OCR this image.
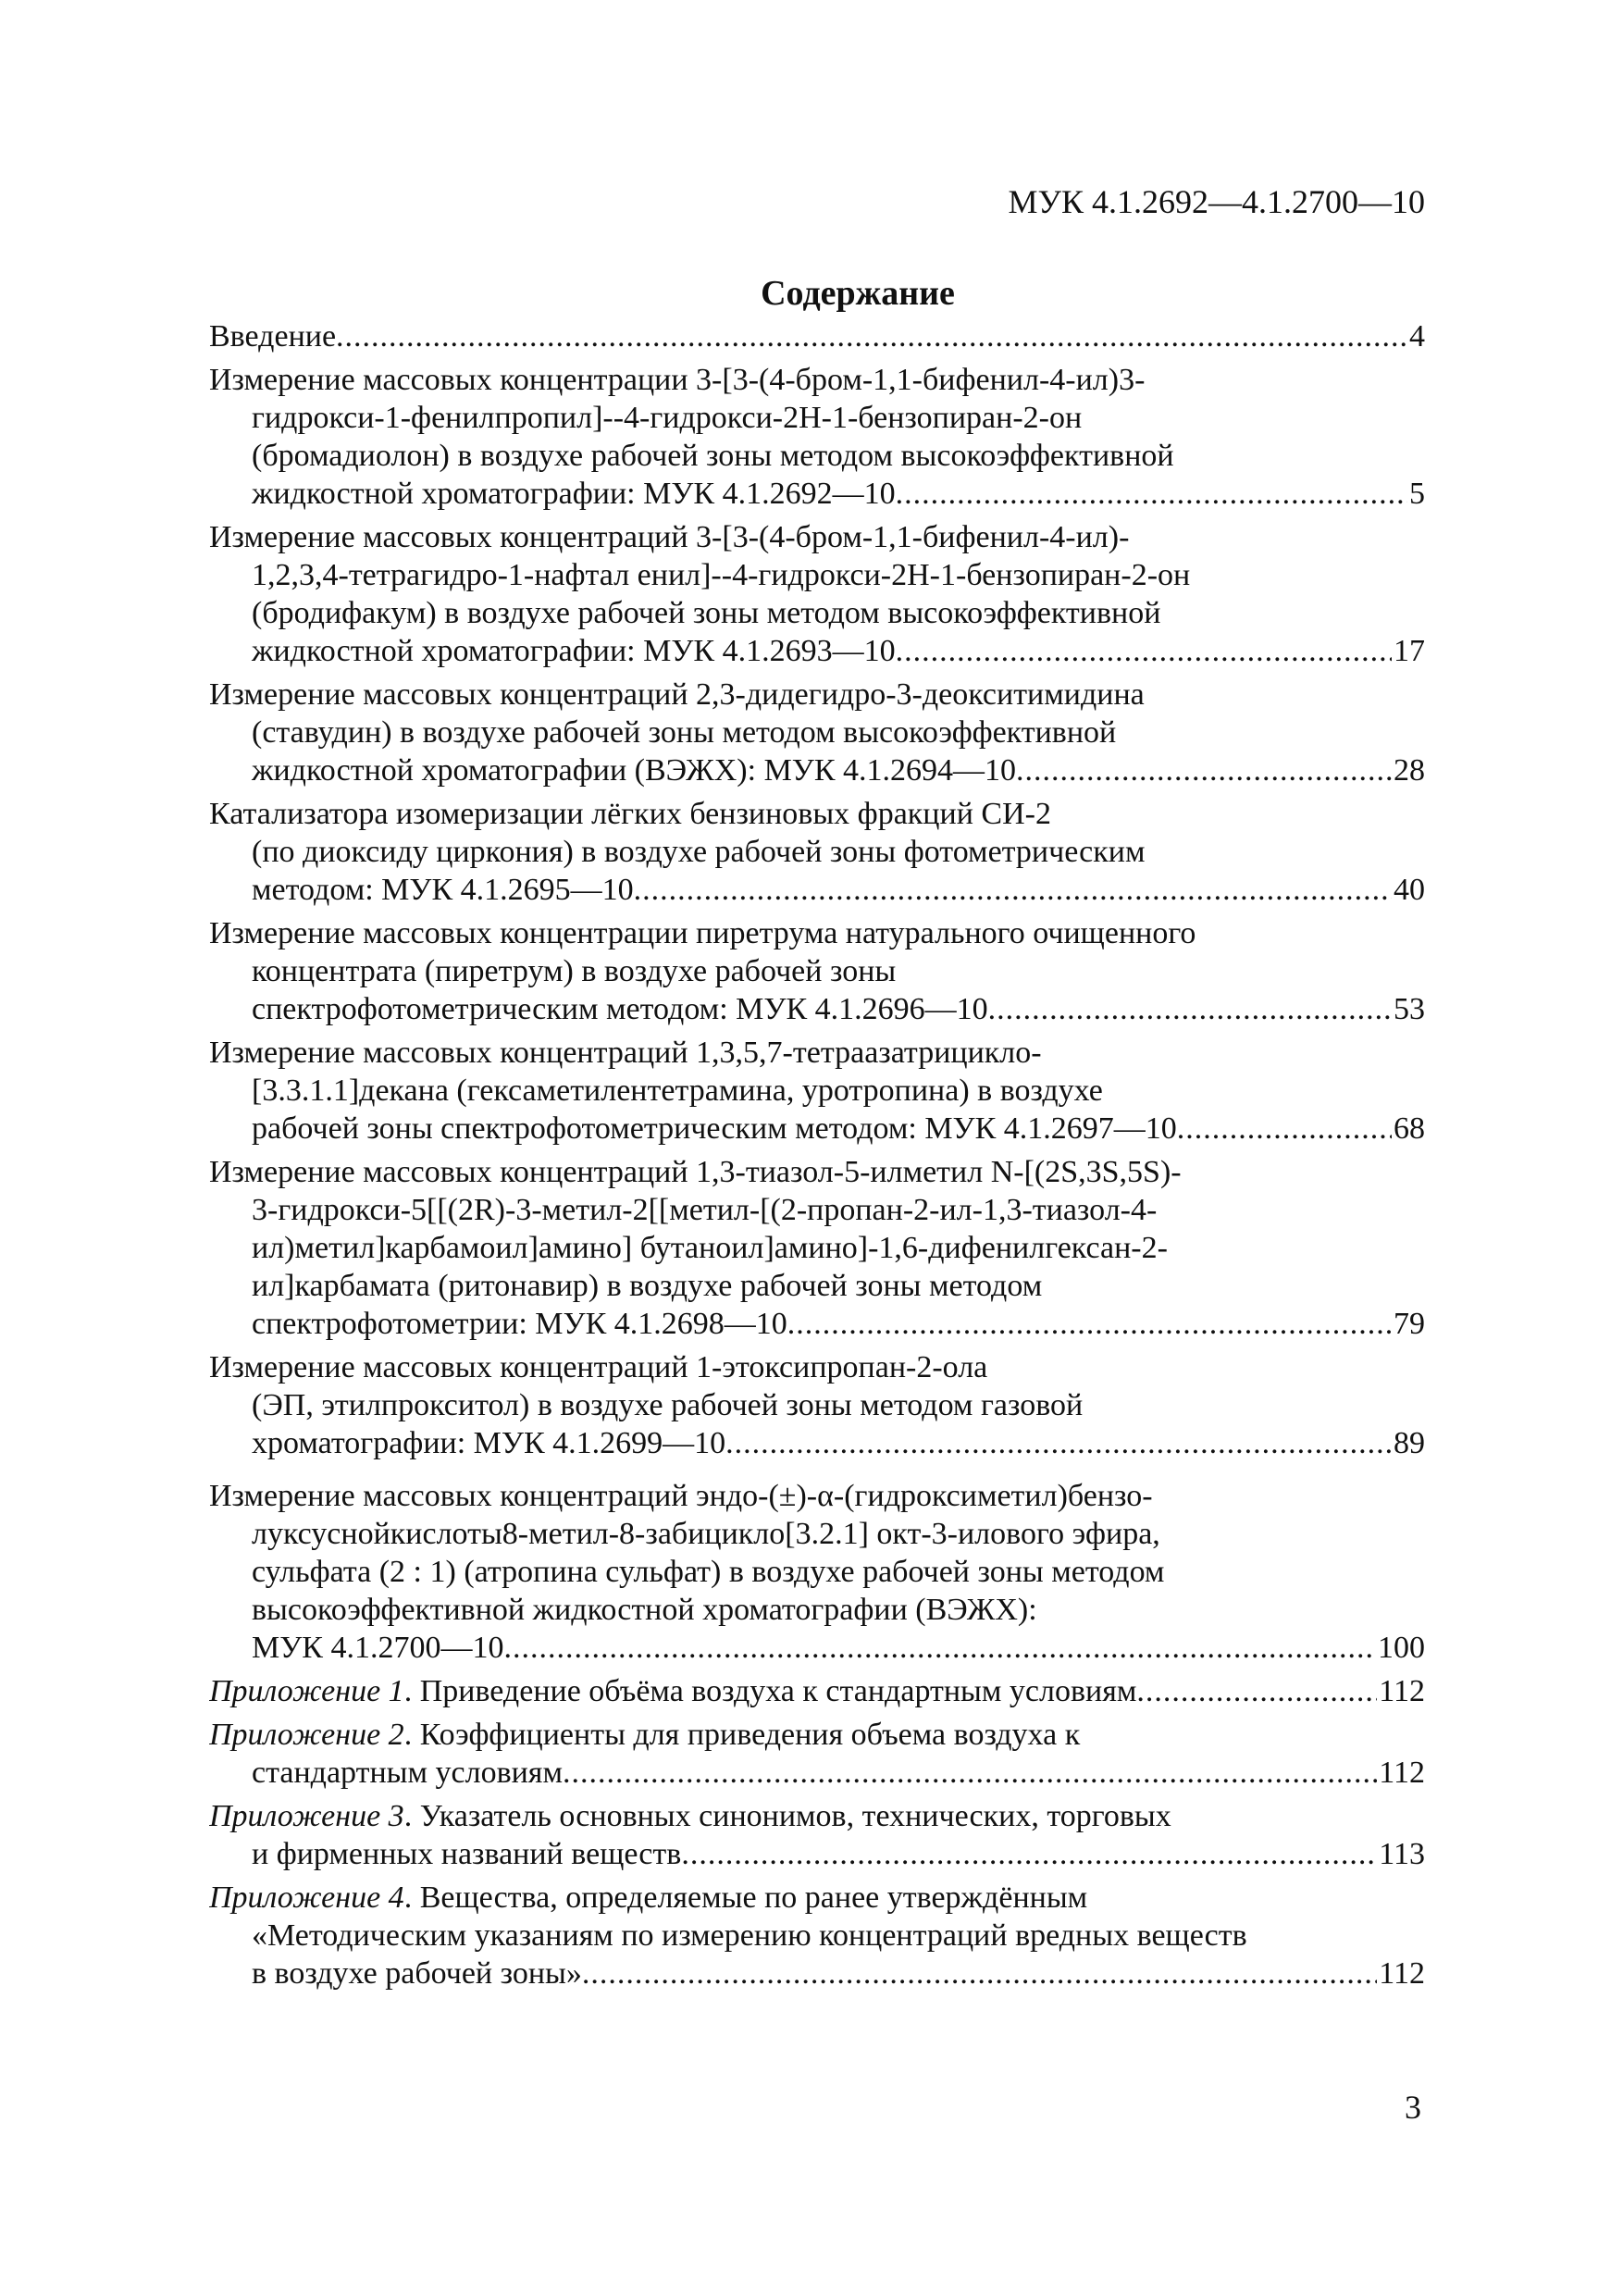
МУК 4.1.2692—4.1.2700—10
Содержание
Введение .....	4
Измерение массовых концентрации 3-[3-(4-бром-1,1-бифенил-4-ил)3-
гидрокси-1-фенилпропил]--4-гидрокси-2Н-1-бензопиран-2-он
(бромадиолон) в воздухе рабочей зоны методом высокоэффективной
жидкостной хроматографии: МУК 4.1.2692—10 .....	5
Измерение массовых концентраций 3-[3-(4-бром-1,1-бифенил-4-ил)-
1,2,3,4-тетрагидро-1-нафтал енил]--4-гидрокси-2Н-1-бензопиран-2-он
(бродифакум) в воздухе рабочей зоны методом высокоэффективной
жидкостной хроматографии: МУК 4.1.2693—10 .....	17
Измерение массовых концентраций 2,3-дидегидро-3-деокситимидина
(ставудин) в воздухе рабочей зоны методом высокоэффективной
жидкостной хроматографии (ВЭЖХ): МУК 4.1.2694—10 .....	28
Катализатора изомеризации лёгких бензиновых фракций СИ-2
(по диоксиду циркония) в воздухе рабочей зоны фотометрическим
методом: МУК 4.1.2695—10 .....	40
Измерение массовых концентрации пиретрума натурального очищенного
концентрата (пиретрум) в воздухе рабочей зоны
спектрофотометрическим методом: МУК 4.1.2696—10 .....	53
Измерение массовых концентраций 1,3,5,7-тетраазатрицикло-
[3.3.1.1]декана (гексаметилентетрамина, уротропина) в воздухе
рабочей зоны спектрофотометрическим методом: МУК 4.1.2697—10 .....	68
Измерение массовых концентраций 1,3-тиазол-5-илметил N-[(2S,3S,5S)-
3-гидрокси-5[[(2R)-3-метил-2[[метил-[(2-пропан-2-ил-1,3-тиазол-4-
ил)метил]карбамоил]амино] бутаноил]амино]-1,6-дифенилгексан-2-
ил]карбамата (ритонавир) в воздухе рабочей зоны методом
спектрофотометрии: МУК 4.1.2698—10 .....	79
Измерение массовых концентраций 1-этоксипропан-2-ола
(ЭП, этилпрокситол) в воздухе рабочей зоны методом газовой
хроматографии: МУК 4.1.2699—10 .....	89
Измерение массовых концентраций эндо-(±)-α-(гидроксиметил)бензо-
луксуснойкислоты8-метил-8-забицикло[3.2.1] окт-3-илового эфира,
сульфата (2 : 1) (атропина сульфат) в воздухе рабочей зоны методом
высокоэффективной жидкостной хроматографии (ВЭЖХ):
МУК 4.1.2700—10 .....	100
Приложение 1. Приведение объёма воздуха к стандартным условиям .....	112
Приложение 2. Коэффициенты для приведения объема воздуха к
стандартным условиям .....	112
Приложение 3. Указатель основных синонимов, технических, торговых
и фирменных названий веществ .....	113
Приложение 4. Вещества, определяемые по ранее утверждённым
«Методическим указаниям по измерению концентраций вредных веществ
в воздухе рабочей зоны» .....	112
3
